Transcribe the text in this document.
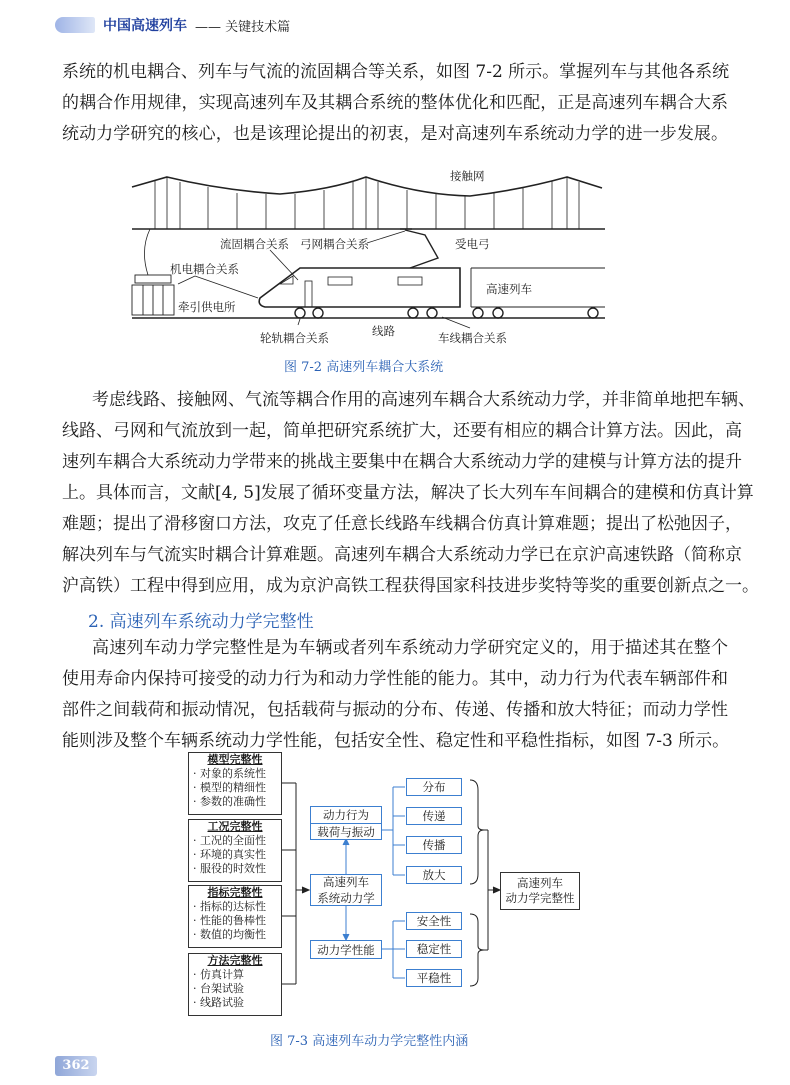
中国高速列车 —— 关键技术篇
系统的机电耦合、列车与气流的流固耦合等关系，如图 7-2 所示。掌握列车与其他各系统
的耦合作用规律，实现高速列车及其耦合系统的整体优化和匹配，正是高速列车耦合大系
统动力学研究的核心，也是该理论提出的初衷，是对高速列车系统动力学的进一步发展。
接触网
流固耦合关系 弓网耦合关系	受电弓
机电耦合关系
高速列车
牵引供电所
轮轨耦合关系	线路	车线耦合关系
图 7-2 高速列车耦合大系统
考虑线路、接触网、气流等耦合作用的高速列车耦合大系统动力学，并非简单地把车辆、
线路、弓网和气流放到一起，简单把研究系统扩大，还要有相应的耦合计算方法。因此，高
速列车耦合大系统动力学带来的挑战主要集中在耦合大系统动力学的建模与计算方法的提升
上。具体而言，文献[4, 5]发展了循环变量方法，解决了长大列车车间耦合的建模和仿真计算
难题；提出了滑移窗口方法，攻克了任意长线路车线耦合仿真计算难题；提出了松弛因子，
解决列车与气流实时耦合计算难题。高速列车耦合大系统动力学已在京沪高速铁路（简称京
沪高铁）工程中得到应用，成为京沪高铁工程获得国家科技进步奖特等奖的重要创新点之一。
2. 高速列车系统动力学完整性
高速列车动力学完整性是为车辆或者列车系统动力学研究定义的，用于描述其在整个
使用寿命内保持可接受的动力行为和动力学性能的能力。其中，动力行为代表车辆部件和
部件之间载荷和振动情况，包括载荷与振动的分布、传递、传播和放大特征；而动力学性
能则涉及整个车辆系统动力学性能，包括安全性、稳定性和平稳性指标，如图 7-3 所示。
模型完整性
· 对象的系统性
· 模型的精细性
· 参数的准确性
工况完整性
· 工况的全面性
· 环境的真实性
· 服役的时效性
指标完整性
· 指标的达标性
· 性能的鲁棒性
· 数值的均衡性
方法完整性
· 仿真计算
· 台架试验
· 线路试验
动力行为
载荷与振动
高速列车
系统动力学
动力学性能
分布
传递
传播
放大
安全性
稳定性
平稳性
高速列车
动力学完整性
图 7-3 高速列车动力学完整性内涵
362
